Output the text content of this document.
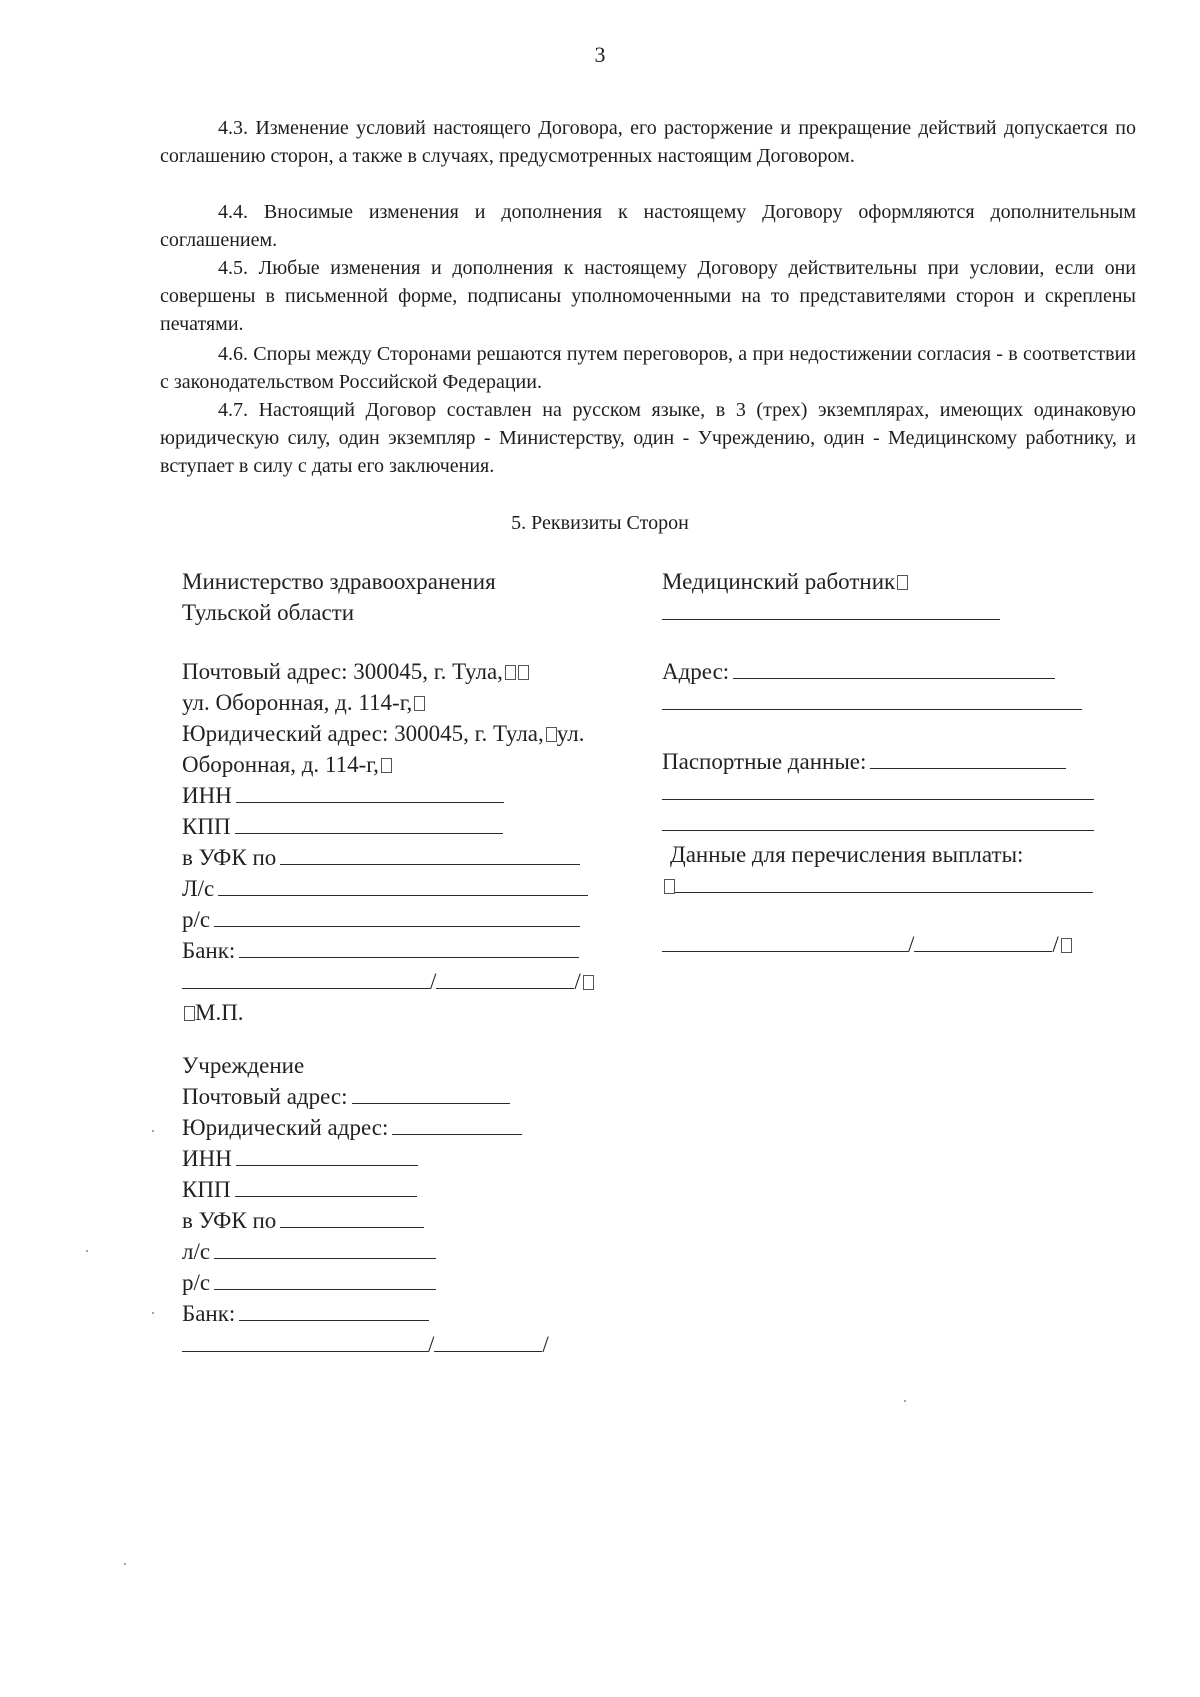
3

4.3. Изменение условий настоящего Договора, его расторжение и прекращение действий допускается по соглашению сторон, а также в случаях, предусмотренных настоящим Договором.

4.4. Вносимые изменения и дополнения к настоящему Договору оформляются дополнительным соглашением.

4.5. Любые изменения и дополнения к настоящему Договору действительны при условии, если они совершены в письменной форме, подписаны уполномоченными на то представителями сторон и скреплены печатями.

4.6. Споры между Сторонами решаются путем переговоров, а при недостижении согласия - в соответствии с законодательством Российской Федерации.

4.7. Настоящий Договор составлен на русском языке, в 3 (трех) экземплярах, имеющих одинаковую юридическую силу, один экземпляр - Министерству, один - Учреждению, один - Медицинскому работнику, и вступает в силу с даты его заключения.

5. Реквизиты Сторон
Министерство здравоохранения
Тульской области
Почтовый адрес: 300045, г. Тула,
ул. Оборонная, д. 114-г,
Юридический адрес: 300045, г. Тула, ул.
Оборонная, д. 114-г,
ИНН
КПП
в УФК по
Л/с
р/с
Банк:
/	/
М.П.
Медицинский работник
Адрес:
Паспортные данные:
Данные для перечисления выплаты:
/	/
Учреждение
Почтовый адрес:
Юридический адрес:
ИНН
КПП
в УФК по
л/с
р/с
Банк:
/	/
